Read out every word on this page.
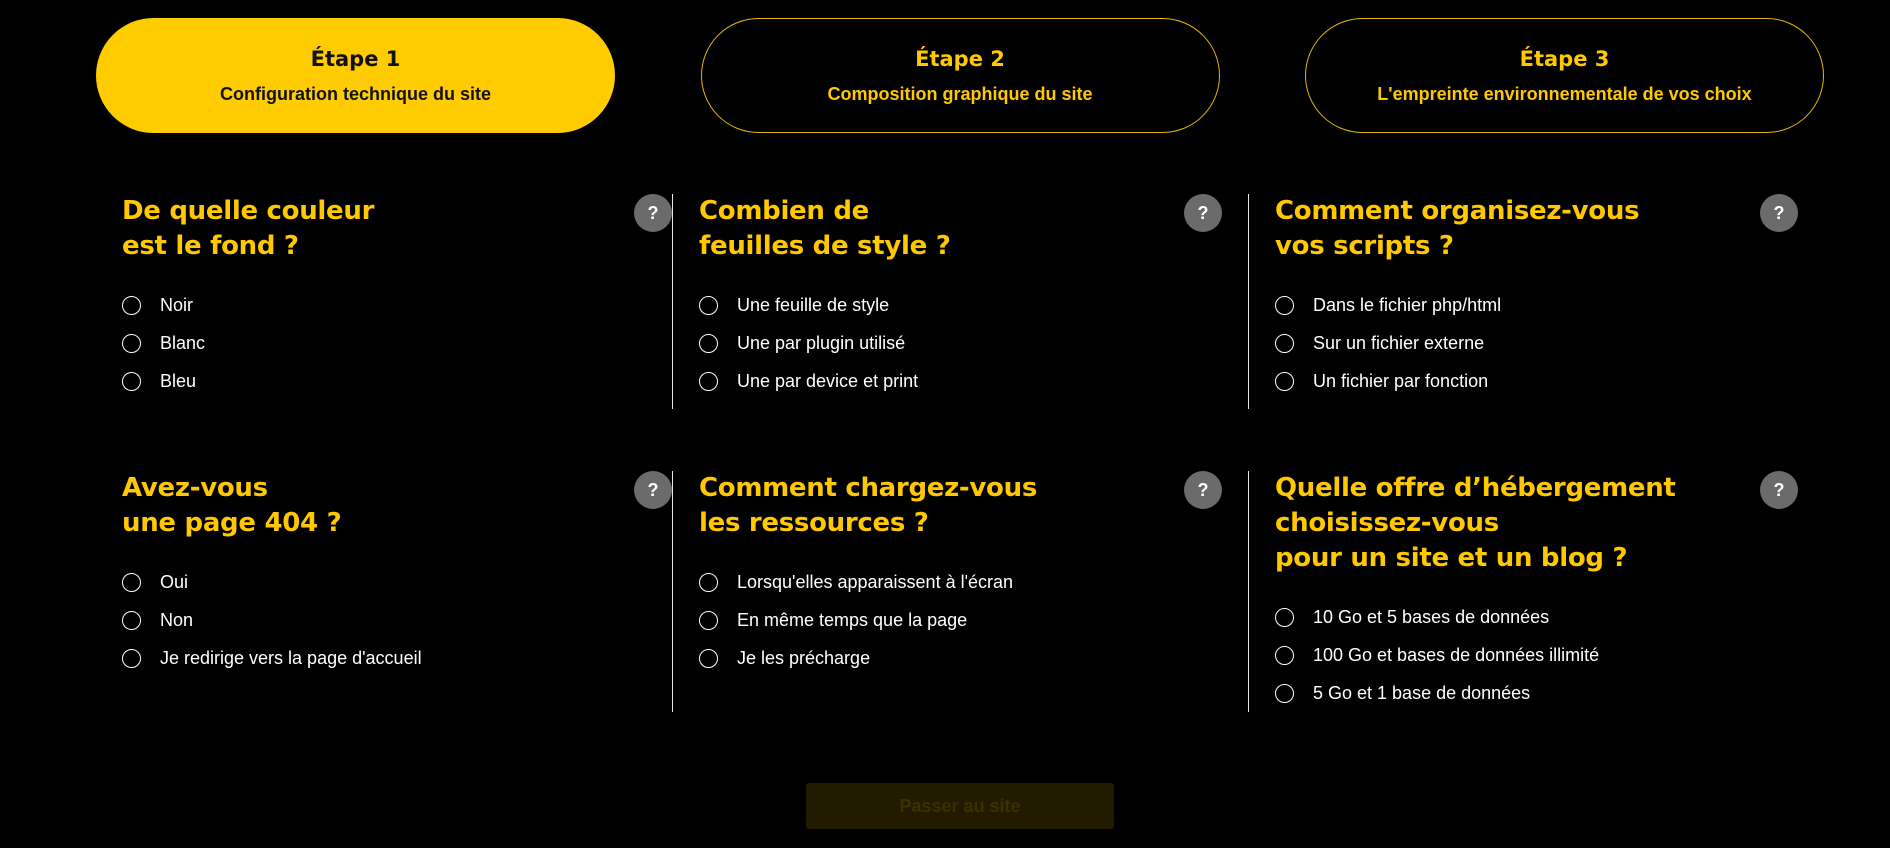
Étape 1
Configuration technique du site
Étape 2
Composition graphique du site
Étape 3
L'empreinte environnementale de vos choix
De quelle couleur
est le fond ?
?
Noir
Blanc
Bleu
Combien de
feuilles de style ?
?
Une feuille de style
Une par plugin utilisé
Une par device et print
Comment organisez-vous
vos scripts ?
?
Dans le fichier php/html
Sur un fichier externe
Un fichier par fonction
Avez-vous
une page 404 ?
?
Oui
Non
Je redirige vers la page d'accueil
Comment chargez-vous
les ressources ?
?
Lorsqu'elles apparaissent à l'écran
En même temps que la page
Je les précharge
Quelle offre d’hébergement
choisissez-vous
pour un site et un blog ?
?
10 Go et 5 bases de données
100 Go et bases de données illimité
5 Go et 1 base de données
Passer au site
